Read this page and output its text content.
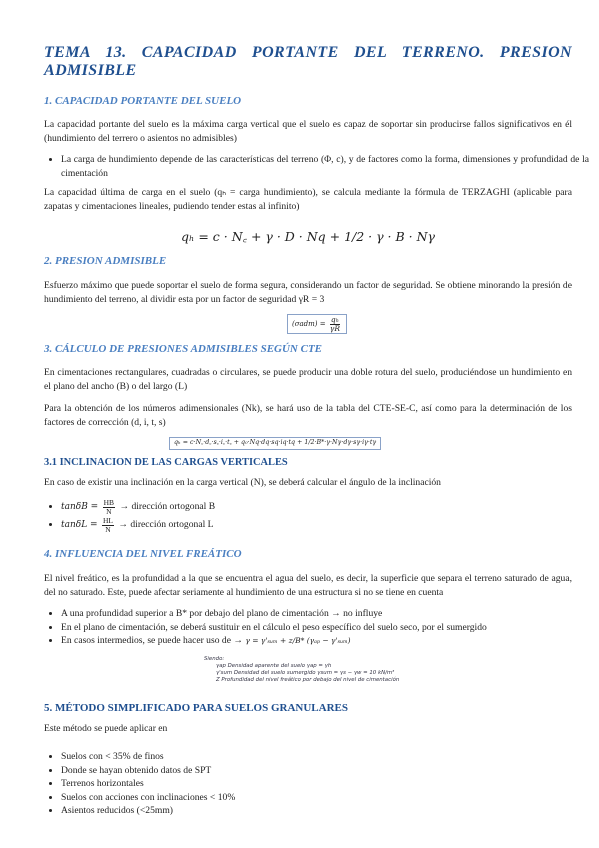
TEMA 13. CAPACIDAD PORTANTE DEL TERRENO. PRESION ADMISIBLE
1. CAPACIDAD PORTANTE DEL SUELO

La capacidad portante del suelo es la máxima carga vertical que el suelo es capaz de soportar sin producirse fallos significativos en él (hundimiento del terrero o asientos no admisibles)

• La carga de hundimiento depende de las características del terreno (Φ, c), y de factores como la forma, dimensiones y profundidad de la cimentación

La capacidad última de carga en el suelo (qₕ = carga hundimiento), se calcula mediante la fórmula de TERZAGHI (aplicable para zapatas y cimentaciones lineales, pudiendo tender estas al infinito)

qₕ = c · N꜀ + γ · D · Nq + 1/2 · γ · B · Nγ
2. PRESION ADMISIBLE

Esfuerzo máximo que puede soportar el suelo de forma segura, considerando un factor de seguridad. Se obtiene minorando la presión de hundimiento del terreno, al dividir esta por un factor de seguridad γR = 3

$(\sigma adm) = \frac{\text{qₕ}}{\gamma R}$
3. CÁLCULO DE PRESIONES ADMISIBLES SEGÚN CTE

En cimentaciones rectangulares, cuadradas o circulares, se puede producir una doble rotura del suelo, produciéndose un hundimiento en el plano del ancho (B) o del largo (L)

Para la obtención de los números adimensionales (Nk), se hará uso de la tabla del CTE-SE-C, así como para la determinación de los factores de corrección (d, i, t, s)

qₕ = c·N꜀·d꜀·s꜀·i꜀·t꜀ + q₀·Nq·dq·sq·iq·tq + 1/2·B*·γ·Nγ·dγ·sγ·iγ·tγ
3.1 INCLINACION DE LAS CARGAS VERTICALES

En caso de existir una inclinación en la carga vertical (N), se deberá calcular el ángulo de la inclinación

• $\tan\delta B = \frac{HB}{N}$ → dirección ortogonal B
• $\tan\delta L = \frac{HL}{N}$ → dirección ortogonal L
4. INFLUENCIA DEL NIVEL FREÁTICO

El nivel freático, es la profundidad a la que se encuentra el agua del suelo, es decir, la superficie que separa el terreno saturado de agua, del no saturado. Este, puede afectar seriamente al hundimiento de una estructura si no se tiene en cuenta

• A una profundidad superior a B* por debajo del plano de cimentación → no influye
• En el plano de cimentación, se deberá sustituir en el cálculo el peso específico del suelo seco, por el sumergido
• En casos intermedios, se puede hacer uso de → γ = γ'ₛᵤₘ + z/B* (γₐₚ − γ'ₛᵤₘ)
Siendo:
γap Densidad aparente del suelo γap = γh
γ'sum Densidad del suelo sumergido γsum = γs − γw = 10 kN/m³
Z Profundidad del nivel freático por debajo del nivel de cimentación
5. MÉTODO SIMPLIFICADO PARA SUELOS GRANULARES

Este método se puede aplicar en

• Suelos con < 35% de finos
• Donde se hayan obtenido datos de SPT
• Terrenos horizontales
• Suelos con acciones con inclinaciones < 10%
• Asientos reducidos (<25mm)
